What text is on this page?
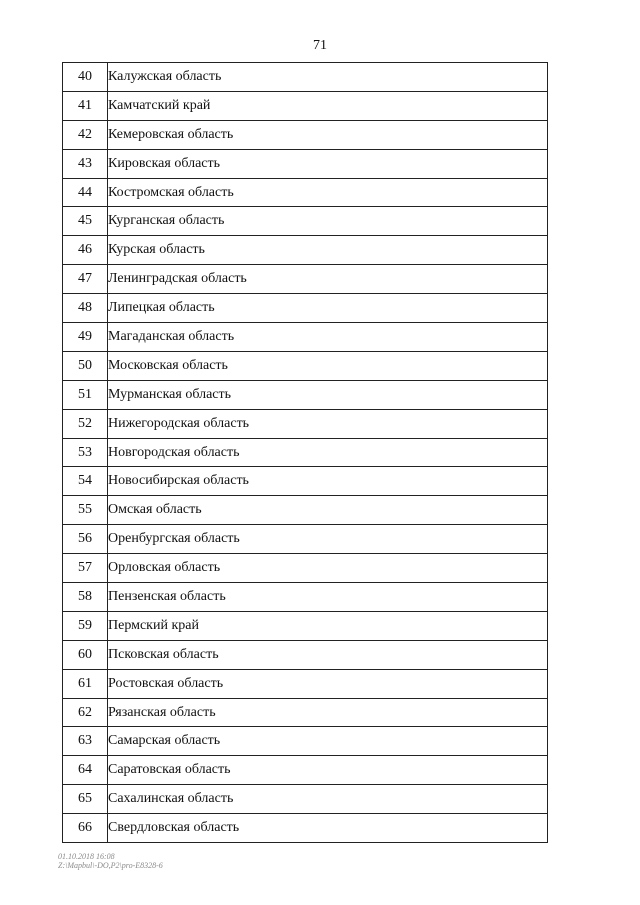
71
40	Калужская область
41	Камчатский край
42	Кемеровская область
43	Кировская область
44	Костромская область
45	Курганская область
46	Курская область
47	Ленинградская область
48	Липецкая область
49	Магаданская область
50	Московская область
51	Мурманская область
52	Нижегородская область
53	Новгородская область
54	Новосибирская область
55	Омская область
56	Оренбургская область
57	Орловская область
58	Пензенская область
59	Пермский край
60	Псковская область
61	Ростовская область
62	Рязанская область
63	Самарская область
64	Саратовская область
65	Сахалинская область
66	Свердловская область
01.10.2018 16:08
Z:\Mapbul\-DO,P2\pro-E8328-6
